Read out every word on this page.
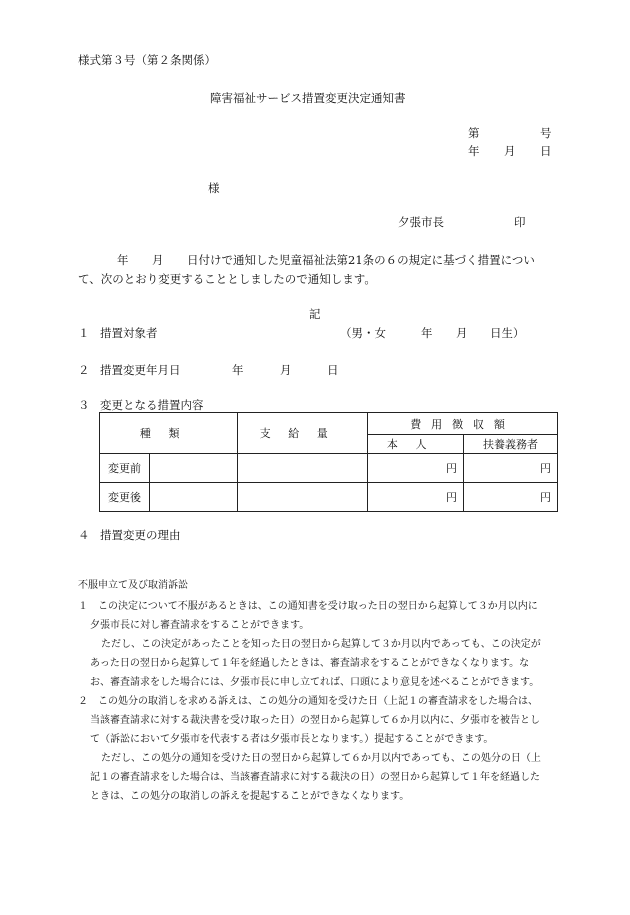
様式第３号（第２条関係）
障害福祉サービス措置変更決定通知書
第	号
年 月 日
様
夕張市長	印
年 月 日付けで通知した児童福祉法第21条の６の規定に基づく措置につい
て、次のとおり変更することとしましたので通知します。
記
１ 措置対象者	（男・女	年 月 日生）
２ 措置変更年月日	年	月	日
３ 変更となる措置内容
種類		支給量	費用徴収額	
			本人	扶養義務者
変更前			円	円
変更後			円	円
４ 措置変更の理由
不服申立て及び取消訴訟
１ この決定について不服があるときは、この通知書を受け取った日の翌日から起算して３か月以内に
夕張市長に対し審査請求をすることができます。
ただし、この決定があったことを知った日の翌日から起算して３か月以内であっても、この決定が
あった日の翌日から起算して１年を経過したときは、審査請求をすることができなくなります。な
お、審査請求をした場合には、夕張市長に申し立てれば、口頭により意見を述べることができます。
２ この処分の取消しを求める訴えは、この処分の通知を受けた日（上記１の審査請求をした場合は、
当該審査請求に対する裁決書を受け取った日）の翌日から起算して６か月以内に、夕張市を被告とし
て（訴訟において夕張市を代表する者は夕張市長となります。）提起することができます。
ただし、この処分の通知を受けた日の翌日から起算して６か月以内であっても、この処分の日（上
記１の審査請求をした場合は、当該審査請求に対する裁決の日）の翌日から起算して１年を経過した
ときは、この処分の取消しの訴えを提起することができなくなります。
